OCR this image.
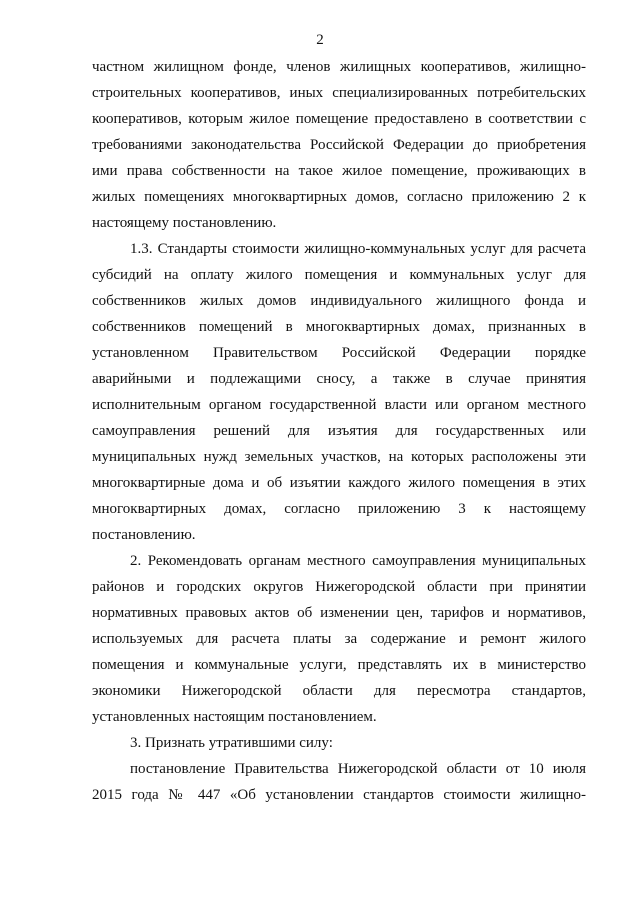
2

частном жилищном фонде, членов жилищных кооперативов, жилищно-
строительных кооперативов, иных специализированных потребительских
кооперативов, которым жилое помещение предоставлено в соответствии с
требованиями законодательства Российской Федерации до приобретения
ими права собственности на такое жилое помещение, проживающих в
жилых помещениях многоквартирных домов, согласно приложению 2 к
настоящему постановлению.

1.3. Стандарты стоимости жилищно-коммунальных услуг для расчета
субсидий на оплату жилого помещения и коммунальных услуг для
собственников жилых домов индивидуального жилищного фонда и
собственников помещений в многоквартирных домах, признанных в
установленном Правительством Российской Федерации порядке
аварийными и подлежащими сносу, а также в случае принятия
исполнительным органом государственной власти или органом местного
самоуправления решений для изъятия для государственных или
муниципальных нужд земельных участков, на которых расположены эти
многоквартирные дома и об изъятии каждого жилого помещения в этих
многоквартирных домах, согласно приложению 3 к настоящему
постановлению.

2. Рекомендовать органам местного самоуправления муниципальных
районов и городских округов Нижегородской области при принятии
нормативных правовых актов об изменении цен, тарифов и нормативов,
используемых для расчета платы за содержание и ремонт жилого
помещения и коммунальные услуги, представлять их в министерство
экономики Нижегородской области для пересмотра стандартов,
установленных настоящим постановлением.

3. Признать утратившими силу:

постановление Правительства Нижегородской области от 10 июля
2015 года № 447 «Об установлении стандартов стоимости жилищно-
